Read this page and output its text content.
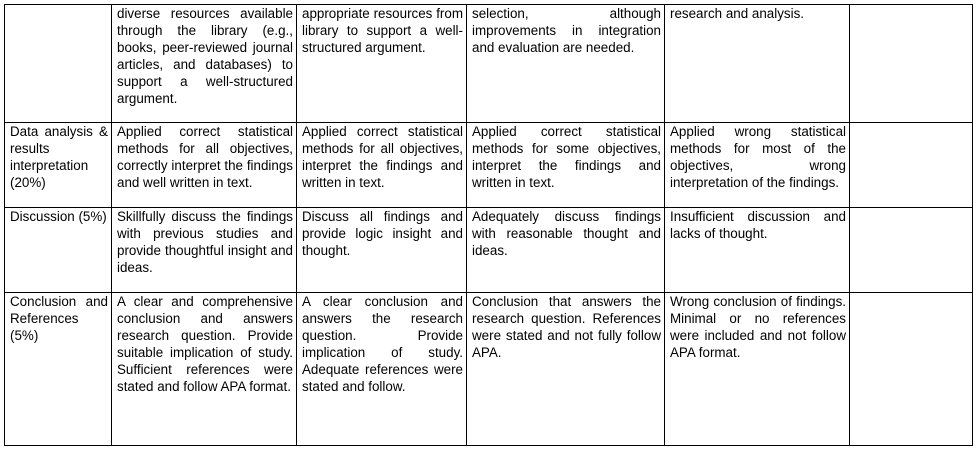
	diverse resources available through the library (e.g., books, peer-reviewed journal articles, and databases) to support a well-structured argument.	appropriate resources from library to support a well-structured argument.	selection, although improvements in integration and evaluation are needed.	research and analysis.	
Data analysis & results interpretation (20%)	Applied correct statistical methods for all objectives, correctly interpret the findings and well written in text.	Applied correct statistical methods for all objectives, interpret the findings and written in text.	Applied correct statistical methods for some objectives, interpret the findings and written in text.	Applied wrong statistical methods for most of the objectives, wrong interpretation of the findings.	
Discussion (5%)	Skillfully discuss the findings with previous studies and provide thoughtful insight and ideas.	Discuss all findings and provide logic insight and thought.	Adequately discuss findings with reasonable thought and ideas.	Insufficient discussion and lacks of thought.	
Conclusion and References (5%)	A clear and comprehensive conclusion and answers research question. Provide suitable implication of study. Sufficient references were stated and follow APA format.	A clear conclusion and answers the research question. Provide implication of study. Adequate references were stated and follow.	Conclusion that answers the research question. References were stated and not fully follow APA.	Wrong conclusion of findings. Minimal or no references were included and not follow APA format.	
